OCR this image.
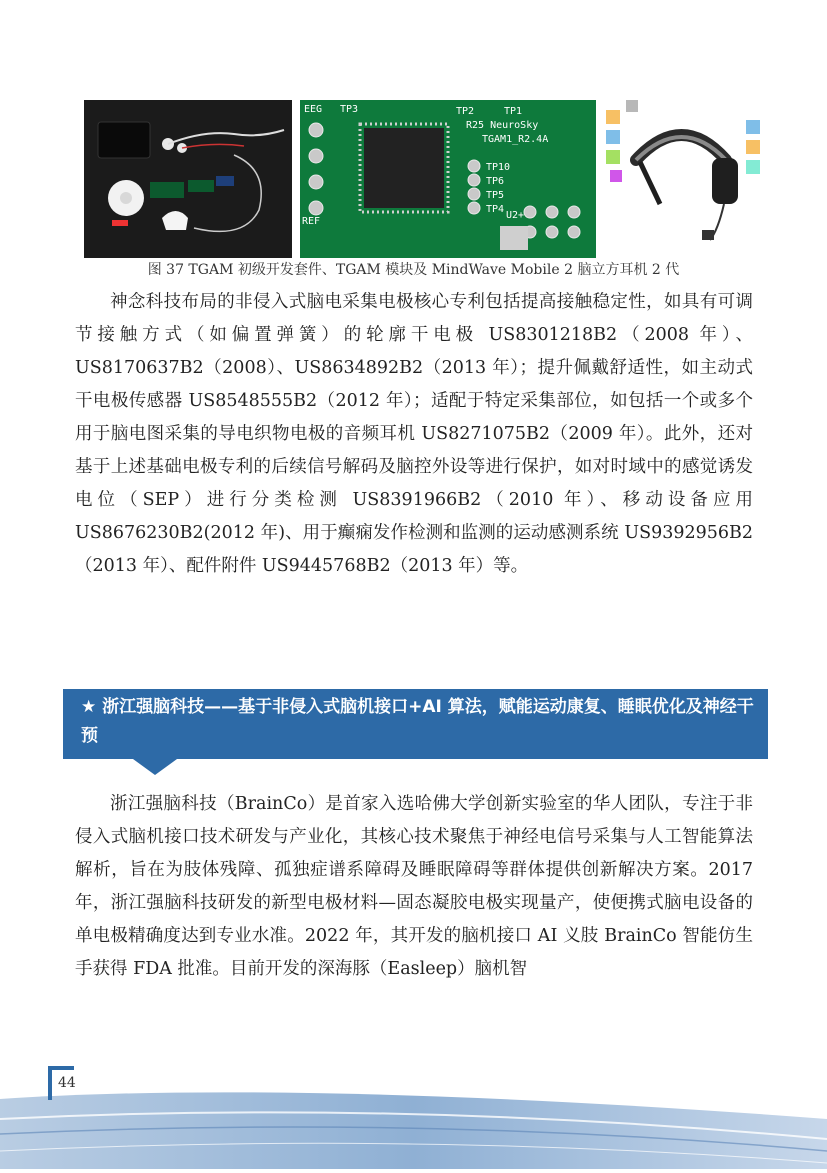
EEG TP3	TP2	TP1
R25 NeuroSky
TGAM1_R2.4A
TP10
TP6
TP5
TP4
REF
U2+
图 37 TGAM 初级开发套件、TGAM 模块及 MindWave Mobile 2 脑立方耳机 2 代

神念科技布局的非侵入式脑电采集电极核心专利包括提高接触稳定性，如具有可调节接触方式（如偏置弹簧）的轮廓干电极 US8301218B2（2008 年）、US8170637B2（2008）、US8634892B2（2013 年）；提升佩戴舒适性，如主动式干电极传感器 US8548555B2（2012 年）；适配于特定采集部位，如包括一个或多个用于脑电图采集的导电织物电极的音频耳机 US8271075B2（2009 年）。此外，还对基于上述基础电极专利的后续信号解码及脑控外设等进行保护，如对时域中的感觉诱发电位（SEP）进行分类检测 US8391966B2（2010 年）、移动设备应用 US8676230B2(2012 年)、用于癫痫发作检测和监测的运动感测系统 US9392956B2（2013 年）、配件附件 US9445768B2（2013 年）等。

★ 浙江强脑科技——基于非侵入式脑机接口+AI 算法，赋能运动康复、睡眠优化及神经干预

浙江强脑科技（BrainCo）是首家入选哈佛大学创新实验室的华人团队，专注于非侵入式脑机接口技术研发与产业化，其核心技术聚焦于神经电信号采集与人工智能算法解析，旨在为肢体残障、孤独症谱系障碍及睡眠障碍等群体提供创新解决方案。2017 年，浙江强脑科技研发的新型电极材料—固态凝胶电极实现量产，使便携式脑电设备的单电极精确度达到专业水准。2022 年，其开发的脑机接口 AI 义肢 BrainCo 智能仿生手获得 FDA 批准。目前开发的深海豚（Easleep）脑机智

44
